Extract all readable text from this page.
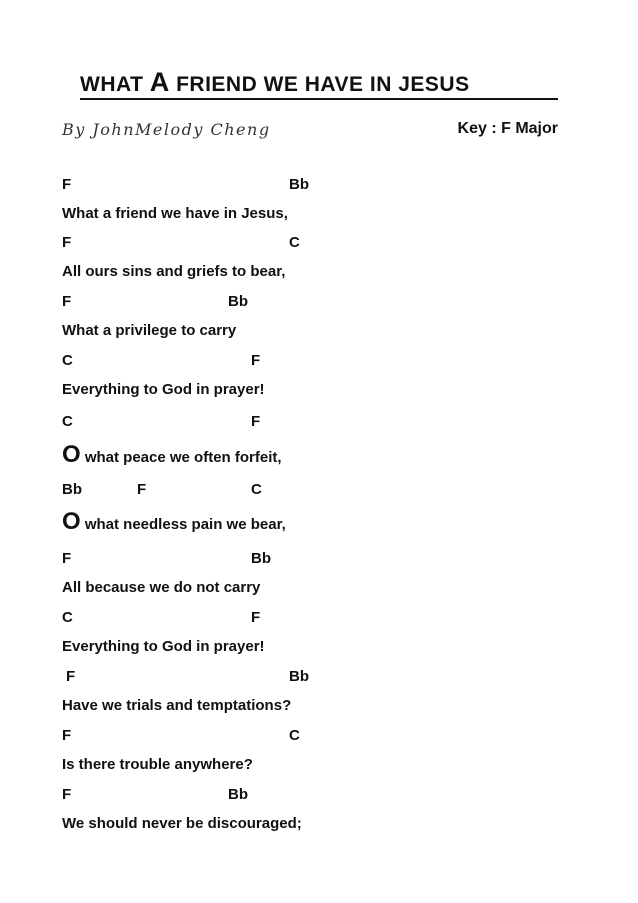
WHAT A FRIEND WE HAVE IN JESUS
By JohnMelody Cheng	Key : F Major
F	Bb
What a friend we have in Jesus,
F	C
All ours sins and griefs to bear,
F	Bb
What a privilege to carry
C	F
Everything to God in prayer!
C	F
O what peace we often forfeit,
Bb	F	C
O what needless pain we bear,
F	Bb
All because we do not carry
C	F
Everything to God in prayer!
F	Bb
Have we trials and temptations?
F	C
Is there trouble anywhere?
F	Bb
We should never be discouraged;
